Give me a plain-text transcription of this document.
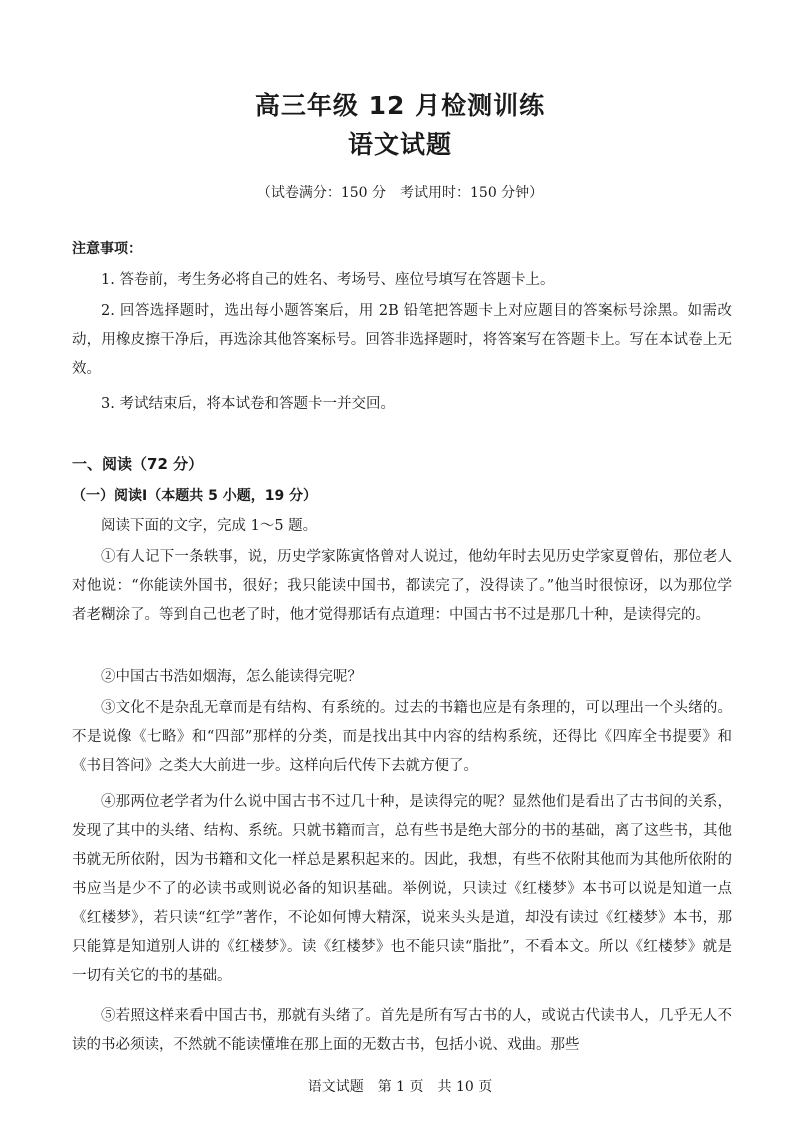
高三年级 12 月检测训练
语文试题
（试卷满分：150 分　考试用时：150 分钟）
注意事项：

1. 答卷前，考生务必将自己的姓名、考场号、座位号填写在答题卡上。

2. 回答选择题时，选出每小题答案后，用 2B 铅笔把答题卡上对应题目的答案标号涂黑。如需改动，用橡皮擦干净后，再选涂其他答案标号。回答非选择题时，将答案写在答题卡上。写在本试卷上无效。

3. 考试结束后，将本试卷和答题卡一并交回。

一、阅读（72 分）
（一）阅读Ⅰ（本题共 5 小题，19 分）

阅读下面的文字，完成 1～5 题。

①有人记下一条轶事，说，历史学家陈寅恪曾对人说过，他幼年时去见历史学家夏曾佑，那位老人对他说：“你能读外国书，很好；我只能读中国书，都读完了，没得读了。”他当时很惊讶，以为那位学者老糊涂了。等到自己也老了时，他才觉得那话有点道理：中国古书不过是那几十种，是读得完的。

②中国古书浩如烟海，怎么能读得完呢？

③文化不是杂乱无章而是有结构、有系统的。过去的书籍也应是有条理的，可以理出一个头绪的。不是说像《七略》和“四部”那样的分类，而是找出其中内容的结构系统，还得比《四库全书提要》和《书目答问》之类大大前进一步。这样向后代传下去就方便了。

④那两位老学者为什么说中国古书不过几十种，是读得完的呢？显然他们是看出了古书间的关系，发现了其中的头绪、结构、系统。只就书籍而言，总有些书是绝大部分的书的基础，离了这些书，其他书就无所依附，因为书籍和文化一样总是累积起来的。因此，我想，有些不依附其他而为其他所依附的书应当是少不了的必读书或则说必备的知识基础。举例说，只读过《红楼梦》本书可以说是知道一点《红楼梦》，若只读“红学”著作，不论如何博大精深，说来头头是道，却没有读过《红楼梦》本书，那只能算是知道别人讲的《红楼梦》。读《红楼梦》也不能只读“脂批”，不看本文。所以《红楼梦》就是一切有关它的书的基础。

⑤若照这样来看中国古书，那就有头绪了。首先是所有写古书的人，或说古代读书人，几乎无人不读的书必须读，不然就不能读懂堆在那上面的无数古书，包括小说、戏曲。那些

语文试题　第 1 页　共 10 页
